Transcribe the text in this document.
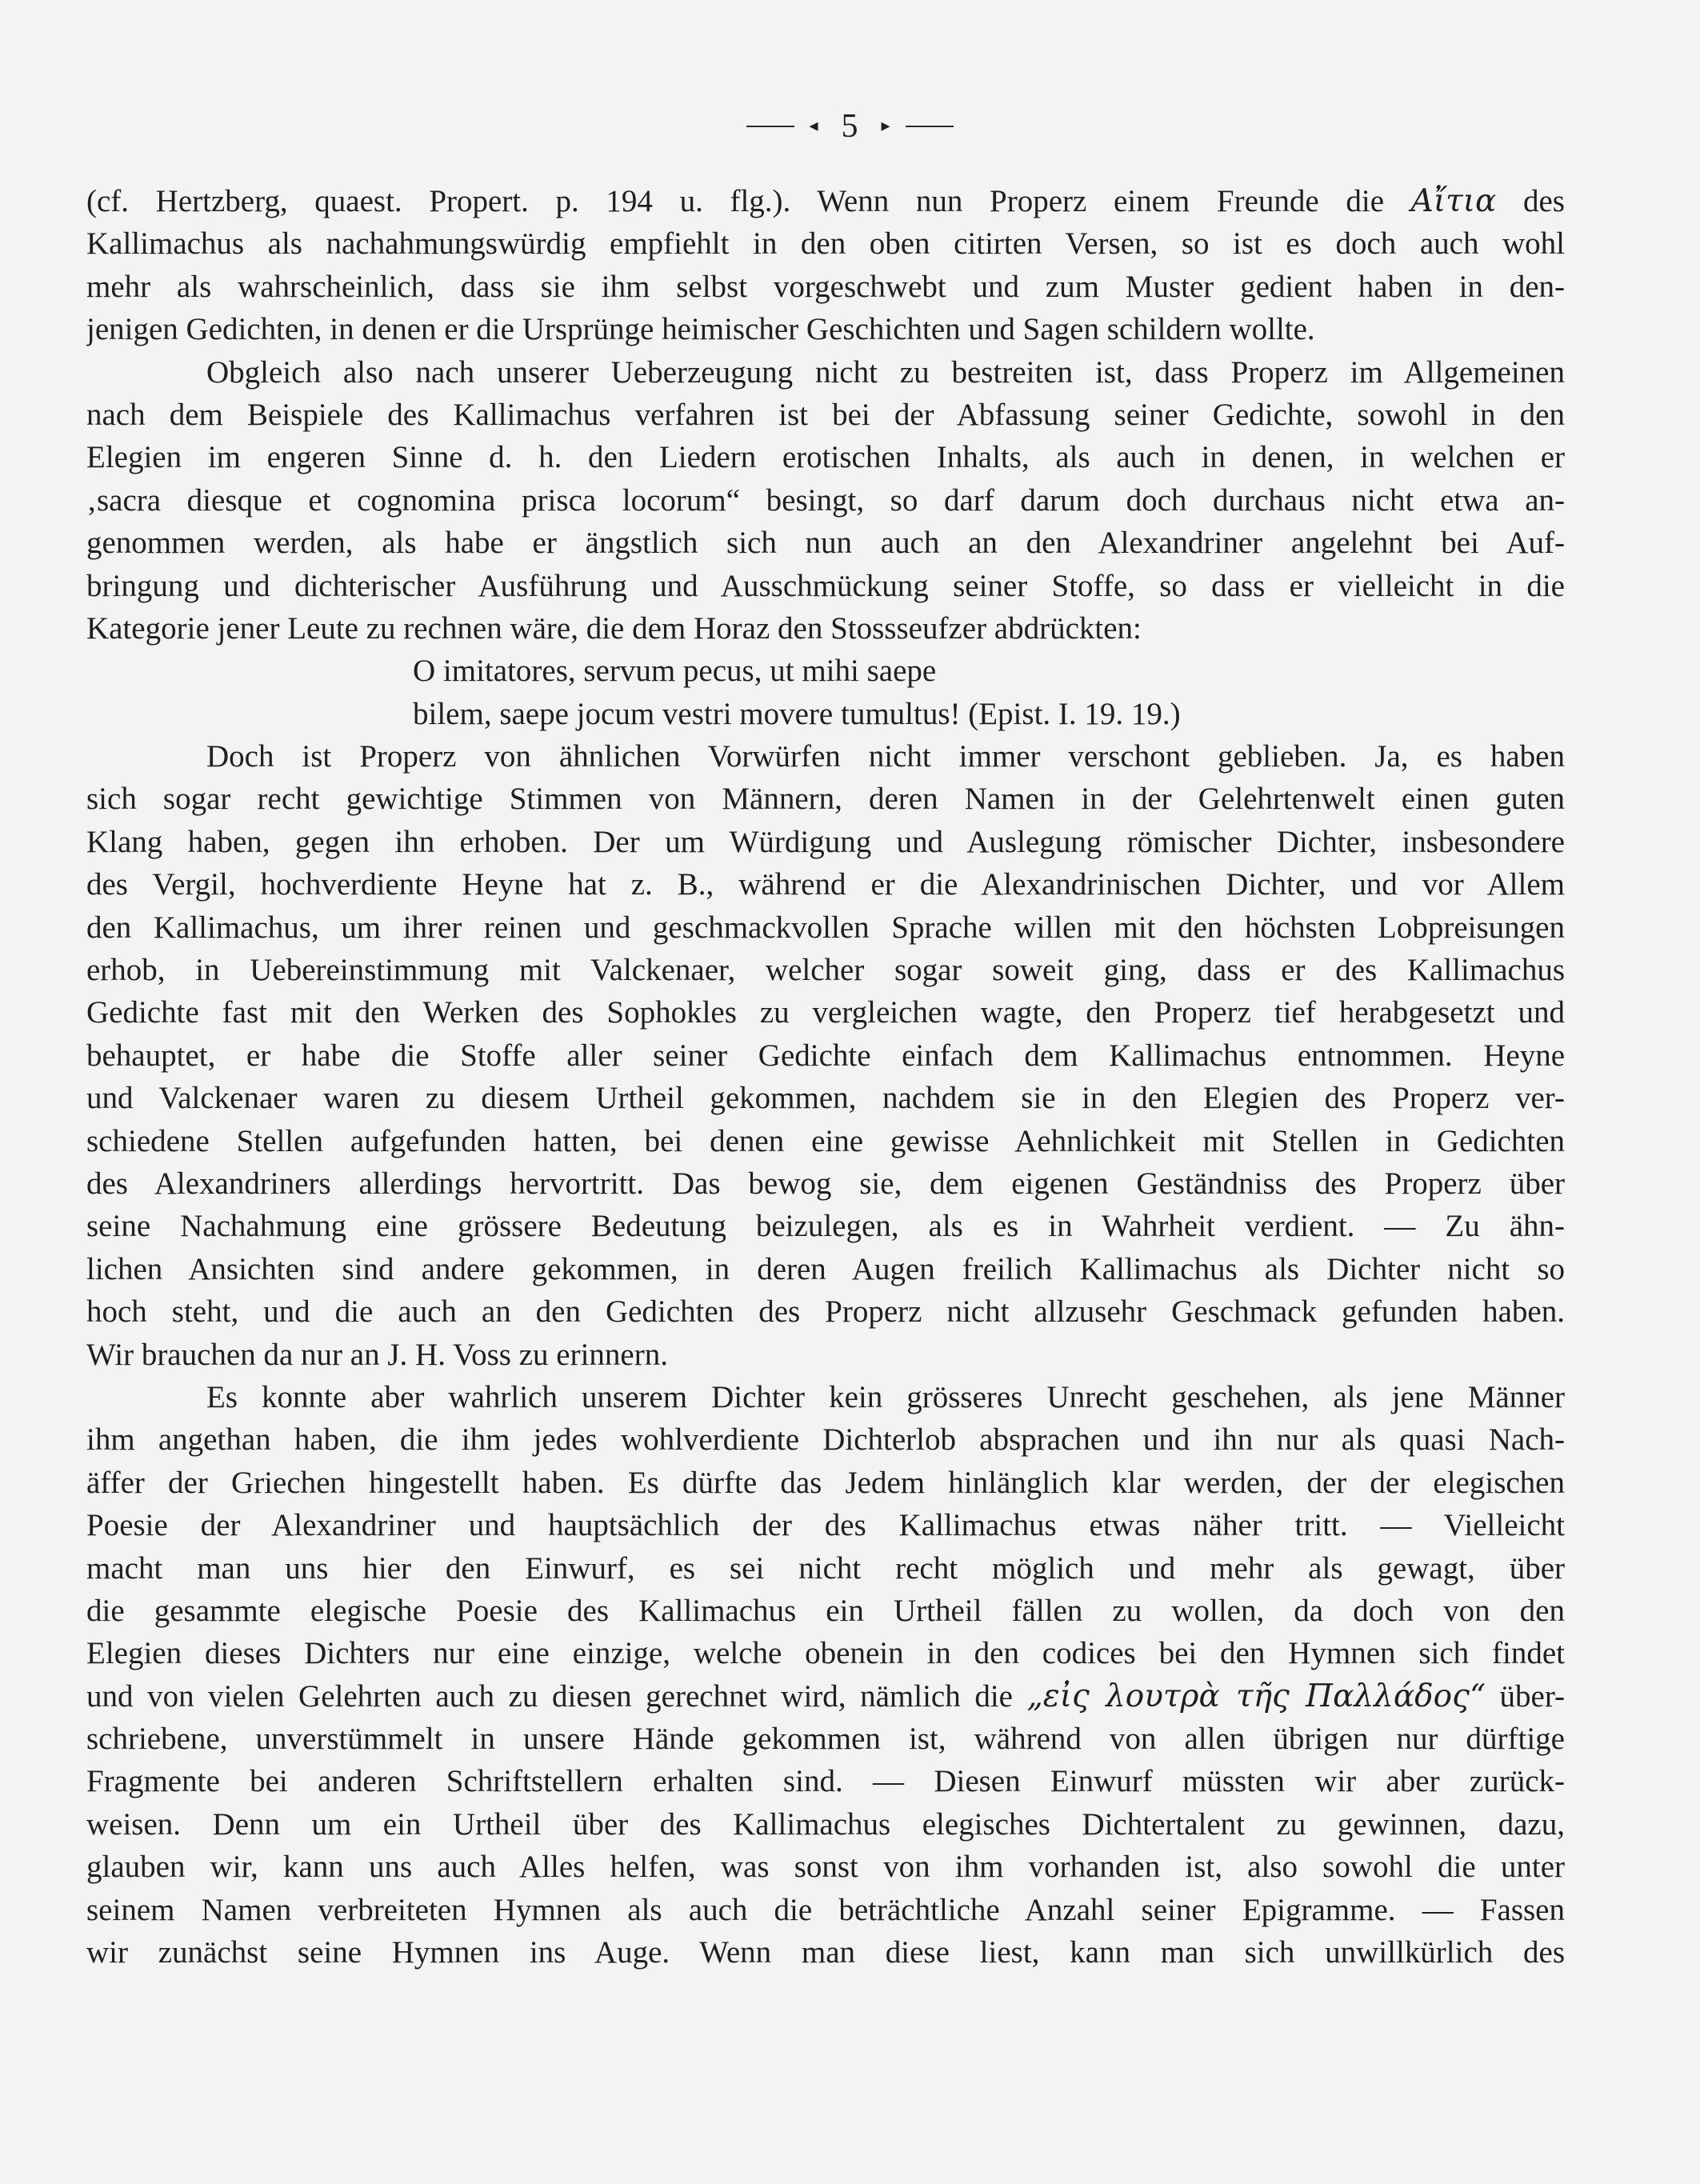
◂ 5 ▸
(cf. Hertzberg, quaest. Propert. p. 194 u. flg.). Wenn nun Properz einem Freunde die Αἴτια des
Kallimachus als nachahmungswürdig empfiehlt in den oben citirten Versen, so ist es doch auch wohl
mehr als wahrscheinlich, dass sie ihm selbst vorgeschwebt und zum Muster gedient haben in den-
jenigen Gedichten, in denen er die Ursprünge heimischer Geschichten und Sagen schildern wollte.
Obgleich also nach unserer Ueberzeugung nicht zu bestreiten ist, dass Properz im Allgemeinen
nach dem Beispiele des Kallimachus verfahren ist bei der Abfassung seiner Gedichte, sowohl in den
Elegien im engeren Sinne d. h. den Liedern erotischen Inhalts, als auch in denen, in welchen er
‚sacra diesque et cognomina prisca locorum“ besingt, so darf darum doch durchaus nicht etwa an-
genommen werden, als habe er ängstlich sich nun auch an den Alexandriner angelehnt bei Auf-
bringung und dichterischer Ausführung und Ausschmückung seiner Stoffe, so dass er vielleicht in die
Kategorie jener Leute zu rechnen wäre, die dem Horaz den Stossseufzer abdrückten:
O imitatores, servum pecus, ut mihi saepe
bilem, saepe jocum vestri movere tumultus! (Epist. I. 19. 19.)
Doch ist Properz von ähnlichen Vorwürfen nicht immer verschont geblieben. Ja, es haben
sich sogar recht gewichtige Stimmen von Männern, deren Namen in der Gelehrtenwelt einen guten
Klang haben, gegen ihn erhoben. Der um Würdigung und Auslegung römischer Dichter, insbesondere
des Vergil, hochverdiente Heyne hat z. B., während er die Alexandrinischen Dichter, und vor Allem
den Kallimachus, um ihrer reinen und geschmackvollen Sprache willen mit den höchsten Lobpreisungen
erhob, in Uebereinstimmung mit Valckenaer, welcher sogar soweit ging, dass er des Kallimachus
Gedichte fast mit den Werken des Sophokles zu vergleichen wagte, den Properz tief herabgesetzt und
behauptet, er habe die Stoffe aller seiner Gedichte einfach dem Kallimachus entnommen. Heyne
und Valckenaer waren zu diesem Urtheil gekommen, nachdem sie in den Elegien des Properz ver-
schiedene Stellen aufgefunden hatten, bei denen eine gewisse Aehnlichkeit mit Stellen in Gedichten
des Alexandriners allerdings hervortritt. Das bewog sie, dem eigenen Geständniss des Properz über
seine Nachahmung eine grössere Bedeutung beizulegen, als es in Wahrheit verdient. — Zu ähn-
lichen Ansichten sind andere gekommen, in deren Augen freilich Kallimachus als Dichter nicht so
hoch steht, und die auch an den Gedichten des Properz nicht allzusehr Geschmack gefunden haben.
Wir brauchen da nur an J. H. Voss zu erinnern.
Es konnte aber wahrlich unserem Dichter kein grösseres Unrecht geschehen, als jene Männer
ihm angethan haben, die ihm jedes wohlverdiente Dichterlob absprachen und ihn nur als quasi Nach-
äffer der Griechen hingestellt haben. Es dürfte das Jedem hinlänglich klar werden, der der elegischen
Poesie der Alexandriner und hauptsächlich der des Kallimachus etwas näher tritt. — Vielleicht
macht man uns hier den Einwurf, es sei nicht recht möglich und mehr als gewagt, über
die gesammte elegische Poesie des Kallimachus ein Urtheil fällen zu wollen, da doch von den
Elegien dieses Dichters nur eine einzige, welche obenein in den codices bei den Hymnen sich findet
und von vielen Gelehrten auch zu diesen gerechnet wird, nämlich die „εἰς λουτρὰ τῆς Παλλάδος“ über-
schriebene, unverstümmelt in unsere Hände gekommen ist, während von allen übrigen nur dürftige
Fragmente bei anderen Schriftstellern erhalten sind. — Diesen Einwurf müssten wir aber zurück-
weisen. Denn um ein Urtheil über des Kallimachus elegisches Dichtertalent zu gewinnen, dazu,
glauben wir, kann uns auch Alles helfen, was sonst von ihm vorhanden ist, also sowohl die unter
seinem Namen verbreiteten Hymnen als auch die beträchtliche Anzahl seiner Epigramme. — Fassen
wir zunächst seine Hymnen ins Auge. Wenn man diese liest, kann man sich unwillkürlich des
